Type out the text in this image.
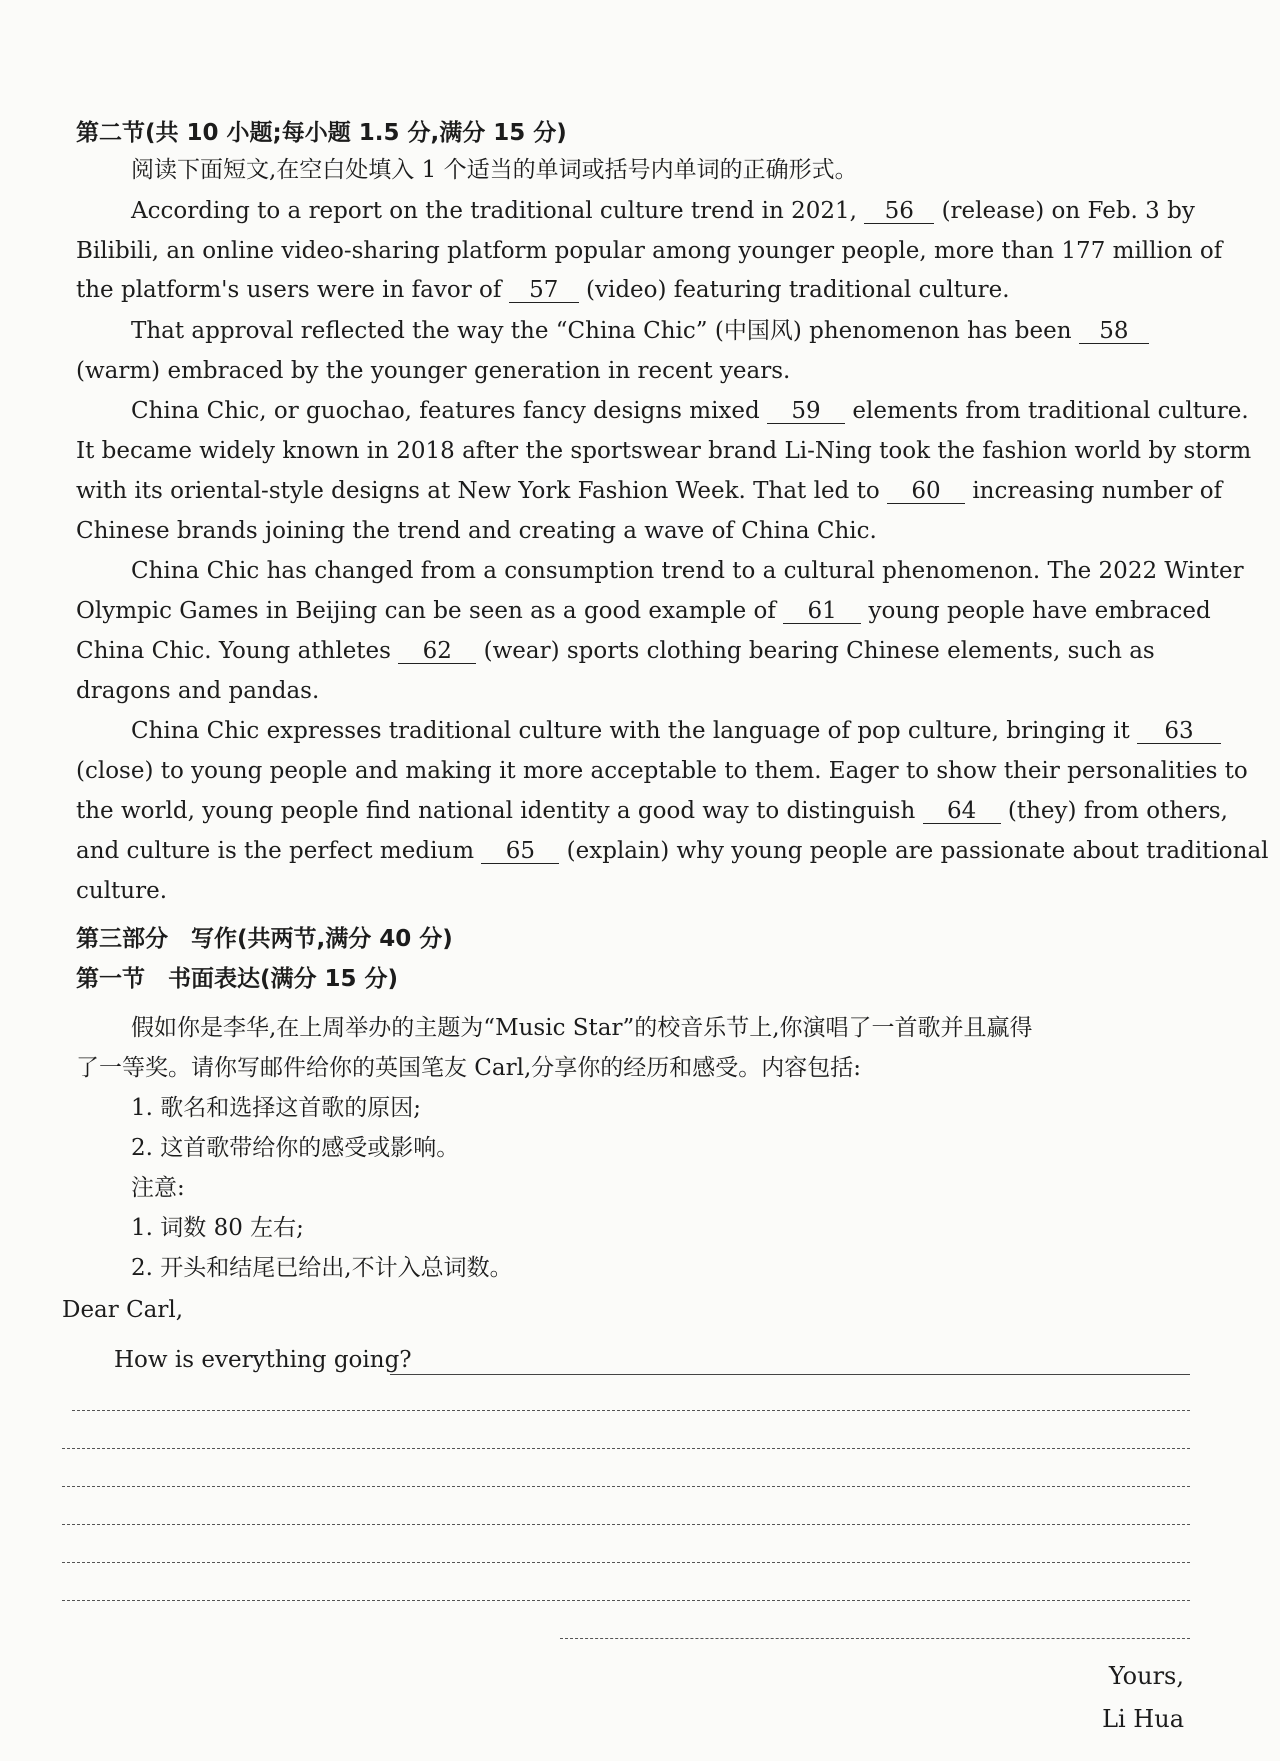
第二节(共 10 小题;每小题 1.5 分,满分 15 分)
阅读下面短文,在空白处填入 1 个适当的单词或括号内单词的正确形式。
According to a report on the traditional culture trend in 2021, 56 (release) on Feb. 3 by
Bilibili, an online video-sharing platform popular among younger people, more than 177 million of
the platform's users were in favor of 57 (video) featuring traditional culture.
That approval reflected the way the “China Chic” (中国风) phenomenon has been 58
(warm) embraced by the younger generation in recent years.
China Chic, or guochao, features fancy designs mixed 59 elements from traditional culture.
It became widely known in 2018 after the sportswear brand Li-Ning took the fashion world by storm
with its oriental-style designs at New York Fashion Week. That led to 60 increasing number of
Chinese brands joining the trend and creating a wave of China Chic.
China Chic has changed from a consumption trend to a cultural phenomenon. The 2022 Winter
Olympic Games in Beijing can be seen as a good example of 61 young people have embraced
China Chic. Young athletes 62 (wear) sports clothing bearing Chinese elements, such as
dragons and pandas.
China Chic expresses traditional culture with the language of pop culture, bringing it 63
(close) to young people and making it more acceptable to them. Eager to show their personalities to
the world, young people find national identity a good way to distinguish 64 (they) from others,
and culture is the perfect medium 65 (explain) why young people are passionate about traditional
culture.
第三部分　写作(共两节,满分 40 分)
第一节　书面表达(满分 15 分)
假如你是李华,在上周举办的主题为“Music Star”的校音乐节上,你演唱了一首歌并且赢得
了一等奖。请你写邮件给你的英国笔友 Carl,分享你的经历和感受。内容包括:
1. 歌名和选择这首歌的原因;
2. 这首歌带给你的感受或影响。
注意:
1. 词数 80 左右;
2. 开头和结尾已给出,不计入总词数。
Dear Carl,
How is everything going?
Yours,
Li Hua
